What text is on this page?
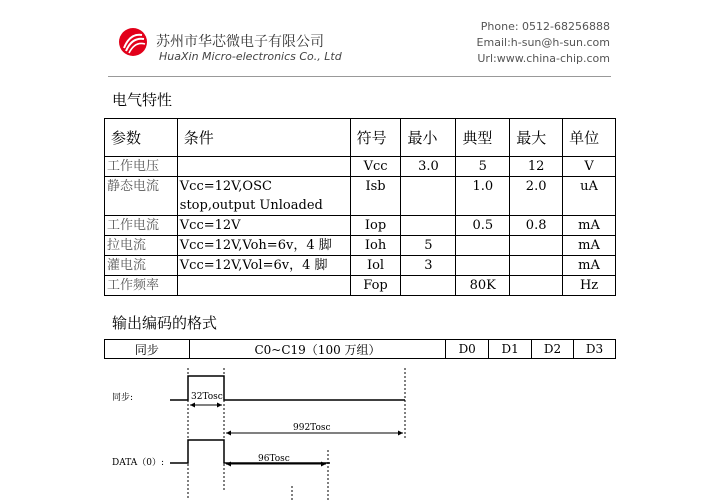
苏州市华芯微电子有限公司
HuaXin Micro-electronics Co., Ltd
Phone: 0512-68256888
Email:h-sun@h-sun.com
Url:www.china-chip.com
电气特性
参数	条件	符号	最小	典型	最大	单位
工作电压		Vcc	3.0	5	12	V
静态电流	Vcc=12V,OSC stop,output Unloaded	Isb		1.0	2.0	uA
工作电流	Vcc=12V	Iop		0.5	0.8	mA
拉电流	Vcc=12V,Voh=6v，4 脚	Ioh	5			mA
灌电流	Vcc=12V,Vol=6v，4 脚	Iol	3			mA
工作频率		Fop		80K		Hz
输出编码的格式
同步	C0~C19（100 万组）	D0	D1	D2	D3
同步:
DATA（0）:
32Tosc
992Tosc
96Tosc
